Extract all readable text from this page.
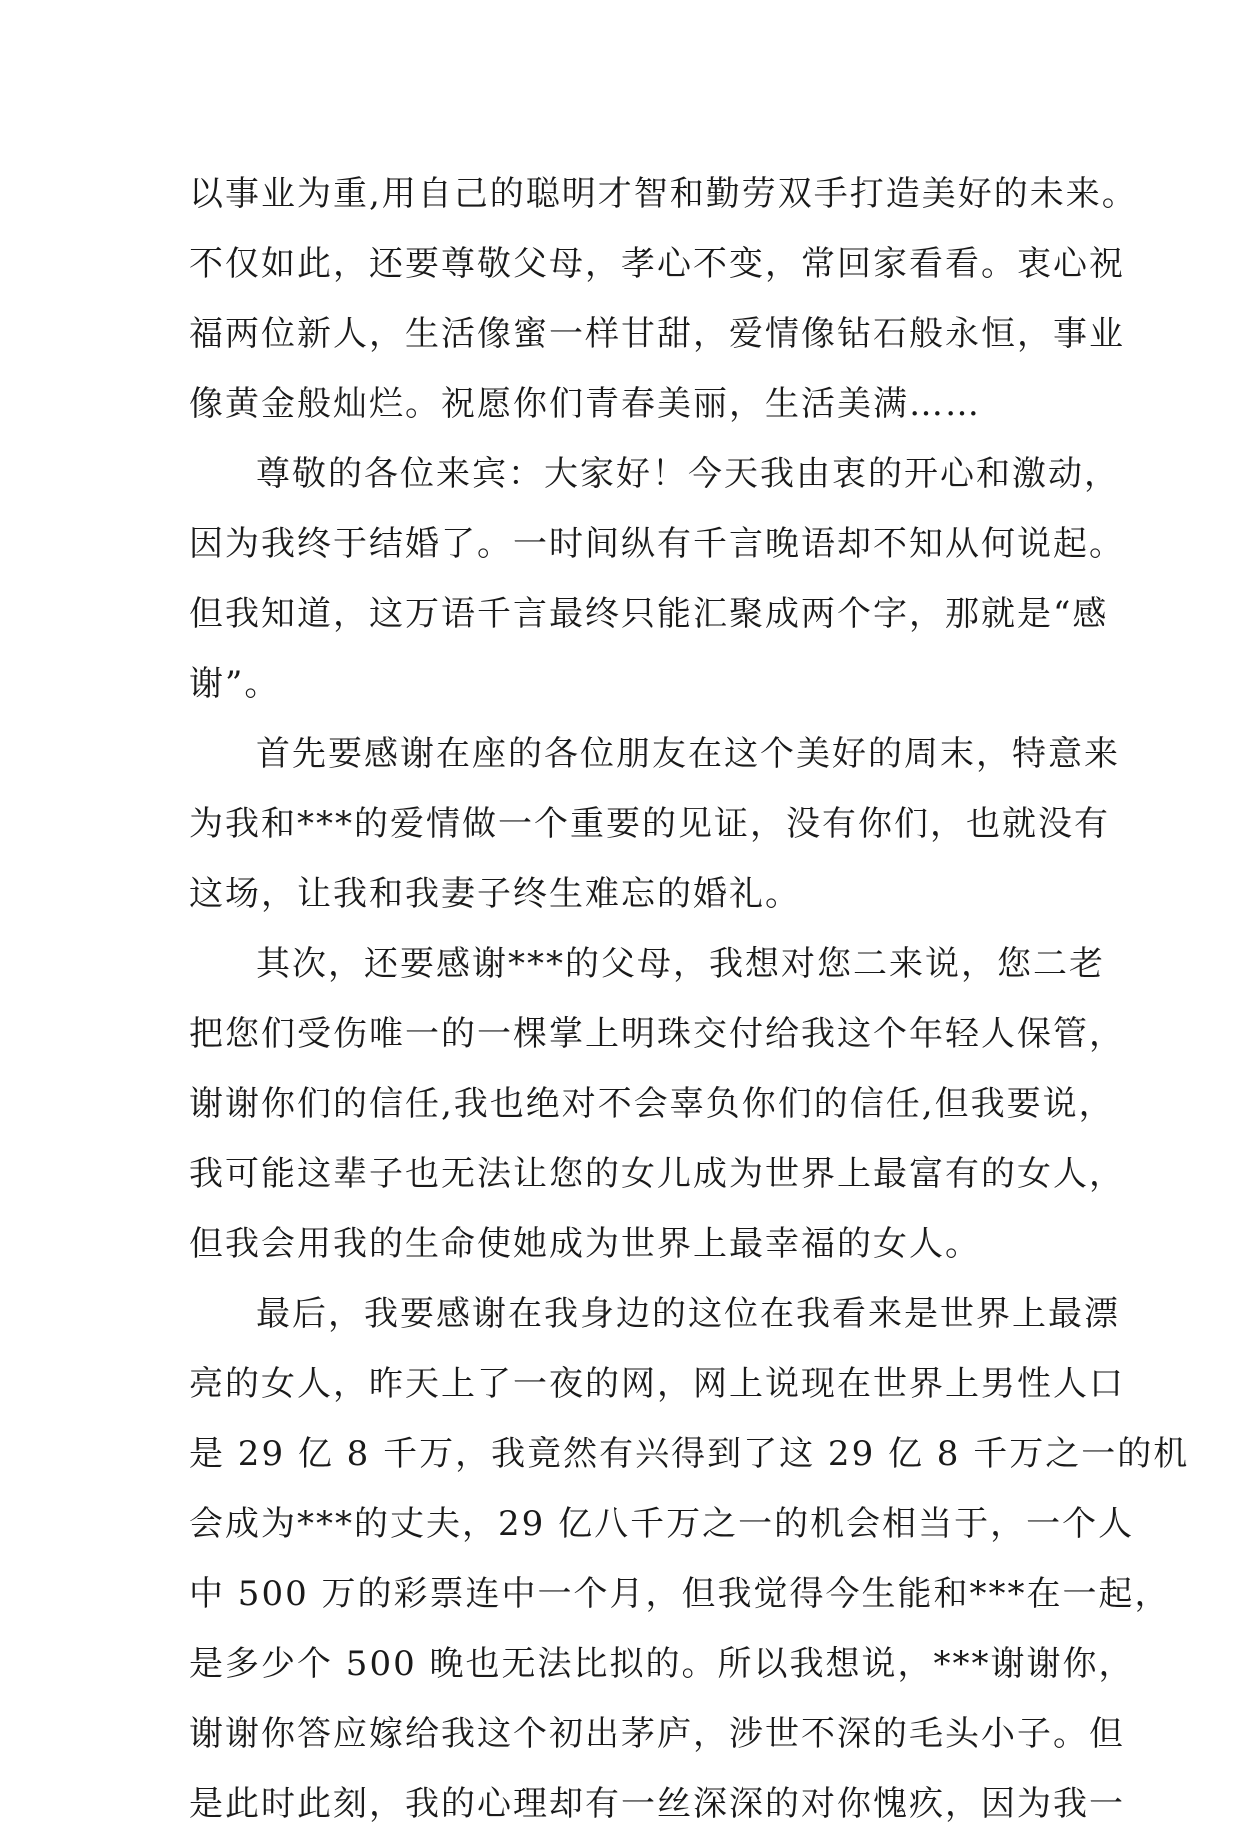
以事业为重,用自己的聪明才智和勤劳双手打造美好的未来。
不仅如此，还要尊敬父母，孝心不变，常回家看看。衷心祝
福两位新人，生活像蜜一样甘甜，爱情像钻石般永恒，事业
像黄金般灿烂。祝愿你们青春美丽，生活美满……
尊敬的各位来宾：大家好！今天我由衷的开心和激动，
因为我终于结婚了。一时间纵有千言晚语却不知从何说起。
但我知道，这万语千言最终只能汇聚成两个字，那就是“感
谢”。
首先要感谢在座的各位朋友在这个美好的周末，特意来
为我和***的爱情做一个重要的见证，没有你们，也就没有
这场，让我和我妻子终生难忘的婚礼。
其次，还要感谢***的父母，我想对您二来说，您二老
把您们受伤唯一的一棵掌上明珠交付给我这个年轻人保管，
谢谢你们的信任,我也绝对不会辜负你们的信任,但我要说，
我可能这辈子也无法让您的女儿成为世界上最富有的女人，
但我会用我的生命使她成为世界上最幸福的女人。
最后，我要感谢在我身边的这位在我看来是世界上最漂
亮的女人，昨天上了一夜的网，网上说现在世界上男性人口
是 29 亿 8 千万，我竟然有兴得到了这 29 亿 8 千万之一的机
会成为***的丈夫，29 亿八千万之一的机会相当于，一个人
中 500 万的彩票连中一个月，但我觉得今生能和***在一起，
是多少个 500 晚也无法比拟的。所以我想说，***谢谢你，
谢谢你答应嫁给我这个初出茅庐，涉世不深的毛头小子。但
是此时此刻，我的心理却有一丝深深的对你愧疚，因为我一
